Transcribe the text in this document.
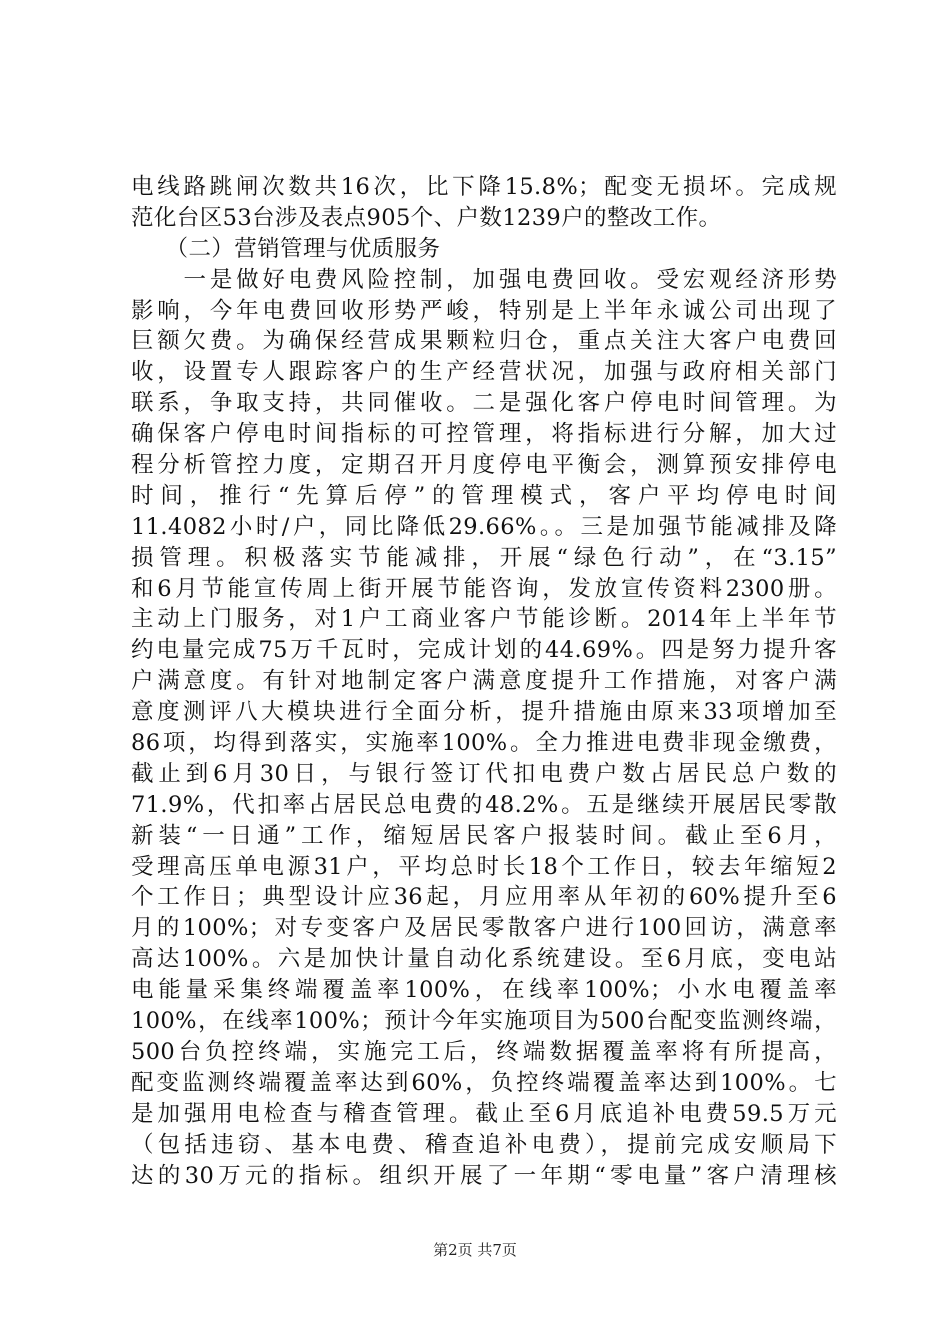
电线路跳闸次数共16次，比下降15.8%；配变无损坏。完成规
范化台区53台涉及表点905个、户数1239户的整改工作。
　　（二）营销管理与优质服务
　　一是做好电费风险控制，加强电费回收。受宏观经济形势
影响，今年电费回收形势严峻，特别是上半年永诚公司出现了
巨额欠费。为确保经营成果颗粒归仓，重点关注大客户电费回
收，设置专人跟踪客户的生产经营状况，加强与政府相关部门
联系，争取支持，共同催收。二是强化客户停电时间管理。为
确保客户停电时间指标的可控管理，将指标进行分解，加大过
程分析管控力度，定期召开月度停电平衡会，测算预安排停电
时间，推行“先算后停”的管理模式，客户平均停电时间
11.4082小时/户，同比降低29.66%。。三是加强节能减排及降
损管理。积极落实节能减排，开展“绿色行动”，在“3.15”
和6月节能宣传周上街开展节能咨询，发放宣传资料2300册。
主动上门服务，对1户工商业客户节能诊断。2014年上半年节
约电量完成75万千瓦时，完成计划的44.69%。四是努力提升客
户满意度。有针对地制定客户满意度提升工作措施，对客户满
意度测评八大模块进行全面分析，提升措施由原来33项增加至
86项，均得到落实，实施率100%。全力推进电费非现金缴费，
截止到6月30日，与银行签订代扣电费户数占居民总户数的
71.9%，代扣率占居民总电费的48.2%。五是继续开展居民零散
新装“一日通”工作，缩短居民客户报装时间。截止至6月，
受理高压单电源31户，平均总时长18个工作日，较去年缩短2
个工作日；典型设计应36起，月应用率从年初的60%提升至6
月的100%；对专变客户及居民零散客户进行100回访，满意率
高达100%。六是加快计量自动化系统建设。至6月底，变电站
电能量采集终端覆盖率100%，在线率100%；小水电覆盖率
100%，在线率100%；预计今年实施项目为500台配变监测终端，
500台负控终端，实施完工后，终端数据覆盖率将有所提高，
配变监测终端覆盖率达到60%，负控终端覆盖率达到100%。七
是加强用电检查与稽查管理。截止至6月底追补电费59.5万元
（包括违窃、基本电费、稽查追补电费），提前完成安顺局下
达的30万元的指标。组织开展了一年期“零电量”客户清理核
第2页 共7页
